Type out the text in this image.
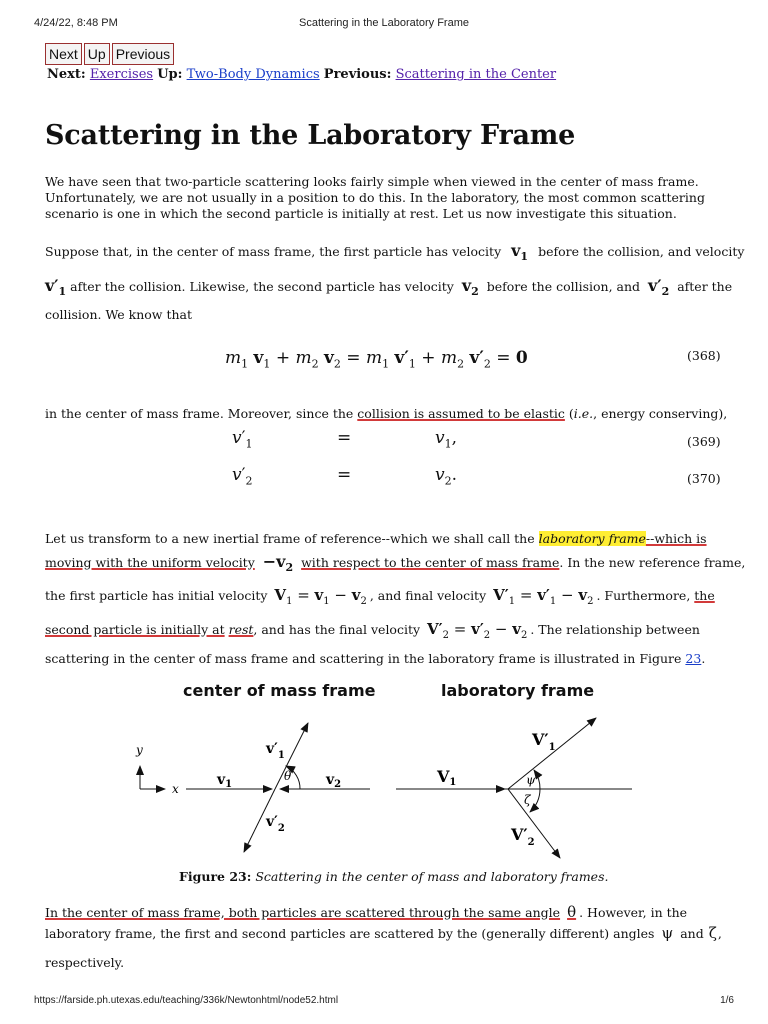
4/24/22, 8:48 PM	Scattering in the Laboratory Frame
Next Up Previous
Next: Exercises Up: Two-Body Dynamics Previous: Scattering in the Center
Scattering in the Laboratory Frame
We have seen that two-particle scattering looks fairly simple when viewed in the center of mass frame. Unfortunately, we are not usually in a position to do this. In the laboratory, the most common scattering scenario is one in which the second particle is initially at rest. Let us now investigate this situation.
Suppose that, in the center of mass frame, the first particle has velocity $v_1$ before the collision, and velocity
$v'_1$ after the collision. Likewise, the second particle has velocity $v_2$ before the collision, and $v'_2$ after the
collision. We know that
$m_1$ $v_1 + m_2$ $v_2 = m_1$ $v'_1 + m_2$ $v'_2 = 0$	(368)
in the center of mass frame. Moreover, since the collision is assumed to be elastic (i.e., energy conserving),
$v'_1$	=	$v_1$,	(369)
$v'_2$	=	$v_2$.	(370)
Let us transform to a new inertial frame of reference--which we shall call the laboratory frame--which is
moving with the uniform velocity $-v_2$ with respect to the center of mass frame. In the new reference frame,
the first particle has initial velocity $V_1 = v_1 - v_2$ , and final velocity $V'_1 = v'_1 - v_2$ . Furthermore, the
second particle is initially at rest, and has the final velocity $V'_2 = v'_2 - v_2$ . The relationship between
scattering in the center of mass frame and scattering in the laboratory frame is illustrated in Figure 23.
center of mass frame	laboratory frame
y
x
$v_1$	$v_2$
$v'_1$
$v'_2$
θ	V1
$V'_1$
$V'_2$
ψ
ζ
Figure 23: Scattering in the center of mass and laboratory frames.
In the center of mass frame, both particles are scattered through the same angle θ . However, in the
laboratory frame, the first and second particles are scattered by the (generally different) angles ψ and ζ,
respectively.
https://farside.ph.utexas.edu/teaching/336k/Newtonhtml/node52.html	1/6
